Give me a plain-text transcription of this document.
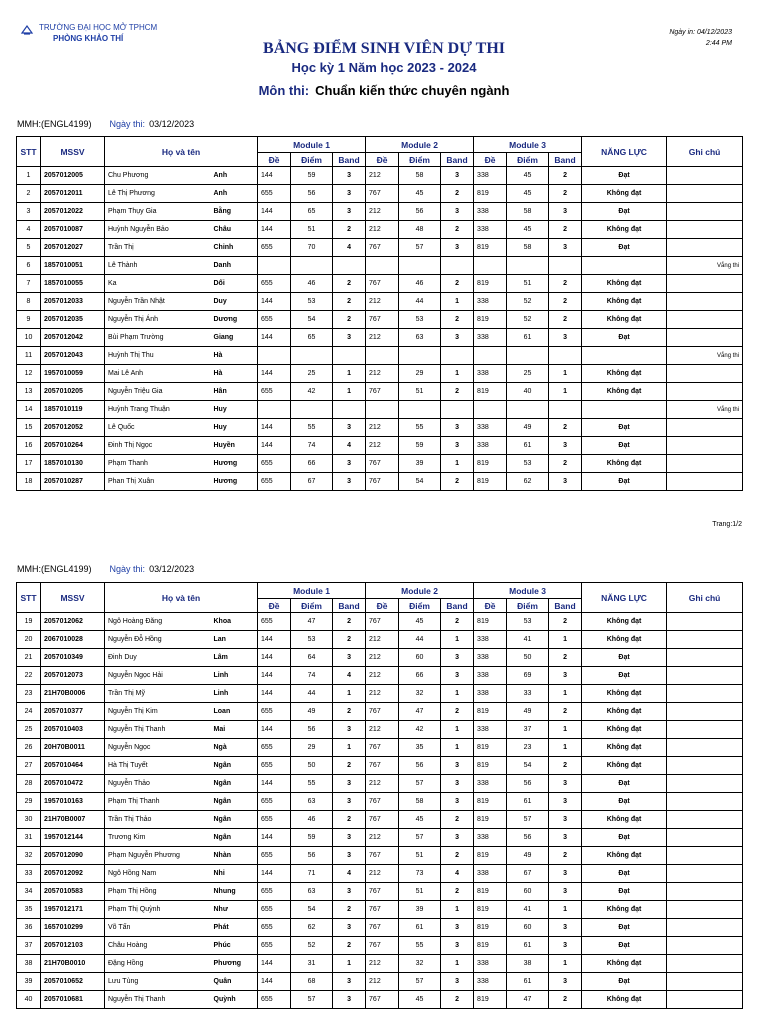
TRƯỜNG ĐẠI HỌC MỞ TPHCM
PHÒNG KHẢO THÍ
Ngày in: 04/12/2023
2:44 PM
BẢNG ĐIỂM SINH VIÊN DỰ THI
Học kỳ 1 Năm học 2023 - 2024
Môn thi: Chuẩn kiến thức chuyên ngành
MMH:(ENGL4199) Ngày thi: 03/12/2023
STT	MSSV	Họ và tên		Module 1			Module 2			Module 3			NĂNG LỰC	Ghi chú
				Đề	Điểm	Band	Đề	Điểm	Band	Đề	Điểm	Band		
1	2057012005	Chu Phương	Anh	144	59	3	212	58	3	338	45	2	Đạt	
2	2057012011	Lê Thị Phương	Anh	655	56	3	767	45	2	819	45	2	Không đạt	
3	2057012022	Phạm Thụy Gia	Bằng	144	65	3	212	56	3	338	58	3	Đạt	
4	2057010087	Huỳnh Nguyễn Bảo	Châu	144	51	2	212	48	2	338	45	2	Không đạt	
5	2057012027	Trần Thị	Chinh	655	70	4	767	57	3	819	58	3	Đạt	
6	1857010051	Lê Thành	Danh											Vắng thi
7	1857010055	Ka	Dối	655	46	2	767	46	2	819	51	2	Không đạt	
8	2057012033	Nguyễn Trần Nhật	Duy	144	53	2	212	44	1	338	52	2	Không đạt	
9	2057012035	Nguyễn Thị Ánh	Dương	655	54	2	767	53	2	819	52	2	Không đạt	
10	2057012042	Bùi Phạm Trường	Giang	144	65	3	212	63	3	338	61	3	Đạt	
11	2057012043	Huỳnh Thị Thu	Hà											Vắng thi
12	1957010059	Mai Lê Anh	Hà	144	25	1	212	29	1	338	25	1	Không đạt	
13	2057010205	Nguyễn Triệu Gia	Hân	655	42	1	767	51	2	819	40	1	Không đạt	
14	1857010119	Huỳnh Trang Thuận	Huy											Vắng thi
15	2057012052	Lê Quốc	Huy	144	55	3	212	55	3	338	49	2	Đạt	
16	2057010264	Đinh Thị Ngọc	Huyền	144	74	4	212	59	3	338	61	3	Đạt	
17	1857010130	Phạm Thanh	Hương	655	66	3	767	39	1	819	53	2	Không đạt	
18	2057010287	Phan Thị Xuân	Hương	655	67	3	767	54	2	819	62	3	Đạt	
Trang:1/2
MMH:(ENGL4199) Ngày thi: 03/12/2023
STT	MSSV	Họ và tên		Module 1			Module 2			Module 3			NĂNG LỰC	Ghi chú
				Đề	Điểm	Band	Đề	Điểm	Band	Đề	Điểm	Band		
19	2057012062	Ngô Hoàng Đăng	Khoa	655	47	2	767	45	2	819	53	2	Không đạt	
20	2067010028	Nguyễn Đỗ Hồng	Lan	144	53	2	212	44	1	338	41	1	Không đạt	
21	2057010349	Đinh Duy	Lâm	144	64	3	212	60	3	338	50	2	Đạt	
22	2057012073	Nguyễn Ngọc Hải	Linh	144	74	4	212	66	3	338	69	3	Đạt	
23	21H70B0006	Trần Thị Mỹ	Linh	144	44	1	212	32	1	338	33	1	Không đạt	
24	2057010377	Nguyễn Thị Kim	Loan	655	49	2	767	47	2	819	49	2	Không đạt	
25	2057010403	Nguyễn Thị Thanh	Mai	144	56	3	212	42	1	338	37	1	Không đạt	
26	20H70B0011	Nguyễn Ngọc	Ngà	655	29	1	767	35	1	819	23	1	Không đạt	
27	2057010464	Hà Thị Tuyết	Ngân	655	50	2	767	56	3	819	54	2	Không đạt	
28	2057010472	Nguyễn Thảo	Ngân	144	55	3	212	57	3	338	56	3	Đạt	
29	1957010163	Phạm Thị Thanh	Ngân	655	63	3	767	58	3	819	61	3	Đạt	
30	21H70B0007	Trần Thị Thảo	Ngân	655	46	2	767	45	2	819	57	3	Không đạt	
31	1957012144	Trương Kim	Ngân	144	59	3	212	57	3	338	56	3	Đạt	
32	2057012090	Phạm Nguyễn Phương	Nhàn	655	56	3	767	51	2	819	49	2	Không đạt	
33	2057012092	Ngô Hồng Nam	Nhi	144	71	4	212	73	4	338	67	3	Đạt	
34	2057010583	Phạm Thị Hồng	Nhung	655	63	3	767	51	2	819	60	3	Đạt	
35	1957012171	Phạm Thị Quỳnh	Như	655	54	2	767	39	1	819	41	1	Không đạt	
36	1657010299	Võ Tấn	Phát	655	62	3	767	61	3	819	60	3	Đạt	
37	2057012103	Châu Hoàng	Phúc	655	52	2	767	55	3	819	61	3	Đạt	
38	21H70B0010	Đặng Hồng	Phương	144	31	1	212	32	1	338	38	1	Không đạt	
39	2057010652	Lưu Tùng	Quân	144	68	3	212	57	3	338	61	3	Đạt	
40	2057010681	Nguyễn Thị Thanh	Quỳnh	655	57	3	767	45	2	819	47	2	Không đạt	
